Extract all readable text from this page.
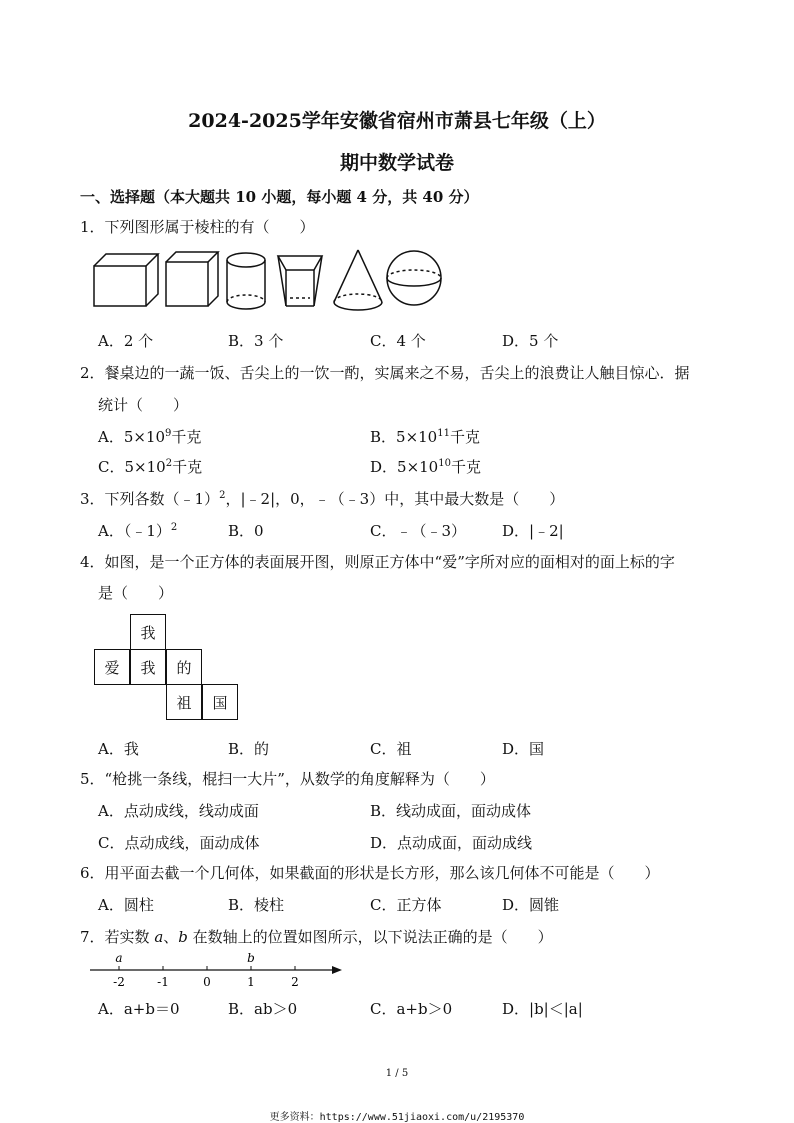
2024-2025学年安徽省宿州市萧县七年级（上）
期中数学试卷
一、选择题（本大题共 10 小题，每小题 4 分，共 40 分）
1．下列图形属于棱柱的有（　　）
A．2 个	B．3 个	C．4 个	D．5 个
2．餐桌边的一蔬一饭、舌尖上的一饮一酌，实属来之不易，舌尖上的浪费让人触目惊心．据
统计（　　）
A．$5\times 10^9$千克	B．$5\times 10^{11}$千克
C．$5\times 10^2$千克	D．$5\times 10^{10}$千克
3．下列各数（﹣1）$^2$，|﹣2|，0，﹣（﹣3）中，其中最大数是（　　）
A．（﹣1）$^2$	B．0	C．﹣（﹣3） D．|﹣2|
4．如图，是一个正方体的表面展开图，则原正方体中“爱”字所对应的面相对的面上标的字
是（　　）
我
爱	我	的
祖	国
A．我	B．的	C．祖	D．国
5．“枪挑一条线，棍扫一大片”，从数学的角度解释为（　　）
A．点动成线，线动成面	B．线动成面，面动成体
C．点动成线，面动成体	D．点动成面，面动成线
6．用平面去截一个几何体，如果截面的形状是长方形，那么该几何体不可能是（　　）
A．圆柱	B．棱柱	C．正方体	D．圆锥
7．若实数 a、b 在数轴上的位置如图所示，以下说法正确的是（　　）
-2	-1	0	1	2
a	b
A．a+b＝0	B．ab＞0	C．a+b＞0	D．|b|＜|a|
1 / 5
更多资料：https://www.51jiaoxi.com/u/2195370
